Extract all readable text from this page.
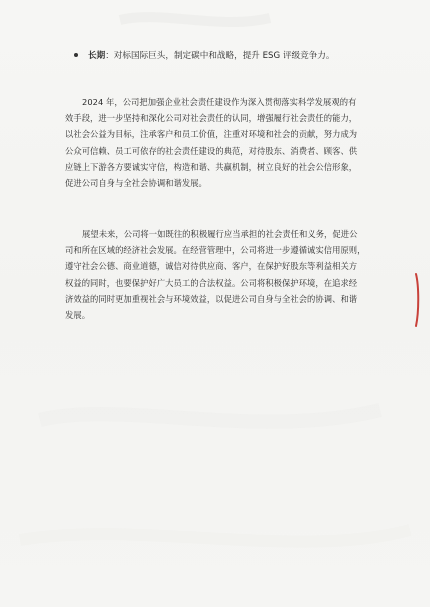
长期：对标国际巨头，制定碳中和战略，提升 ESG 评级竞争力。
2024 年，公司把加强企业社会责任建设作为深入贯彻落实科学发展观的有
效手段，进一步坚持和深化公司对社会责任的认同，增强履行社会责任的能力，
以社会公益为目标，注承客户和员工价值，注重对环境和社会的贡献，努力成为
公众可信赖、员工可依存的社会责任建设的典范，对待股东、消费者、顾客、供
应链上下游各方要诚实守信，构造和谐、共赢机制，树立良好的社会公信形象，
促进公司自身与全社会协调和谐发展。
展望未来，公司将一如既往的积极履行应当承担的社会责任和义务，促进公
司和所在区域的经济社会发展。在经营管理中，公司将进一步遵循诚实信用原则，
遵守社会公德、商业道德，诚信对待供应商、客户，在保护好股东等利益相关方
权益的同时，也要保护好广大员工的合法权益。公司将积极保护环境，在追求经
济效益的同时更加重视社会与环境效益，以促进公司自身与全社会的协调、和谐
发展。
